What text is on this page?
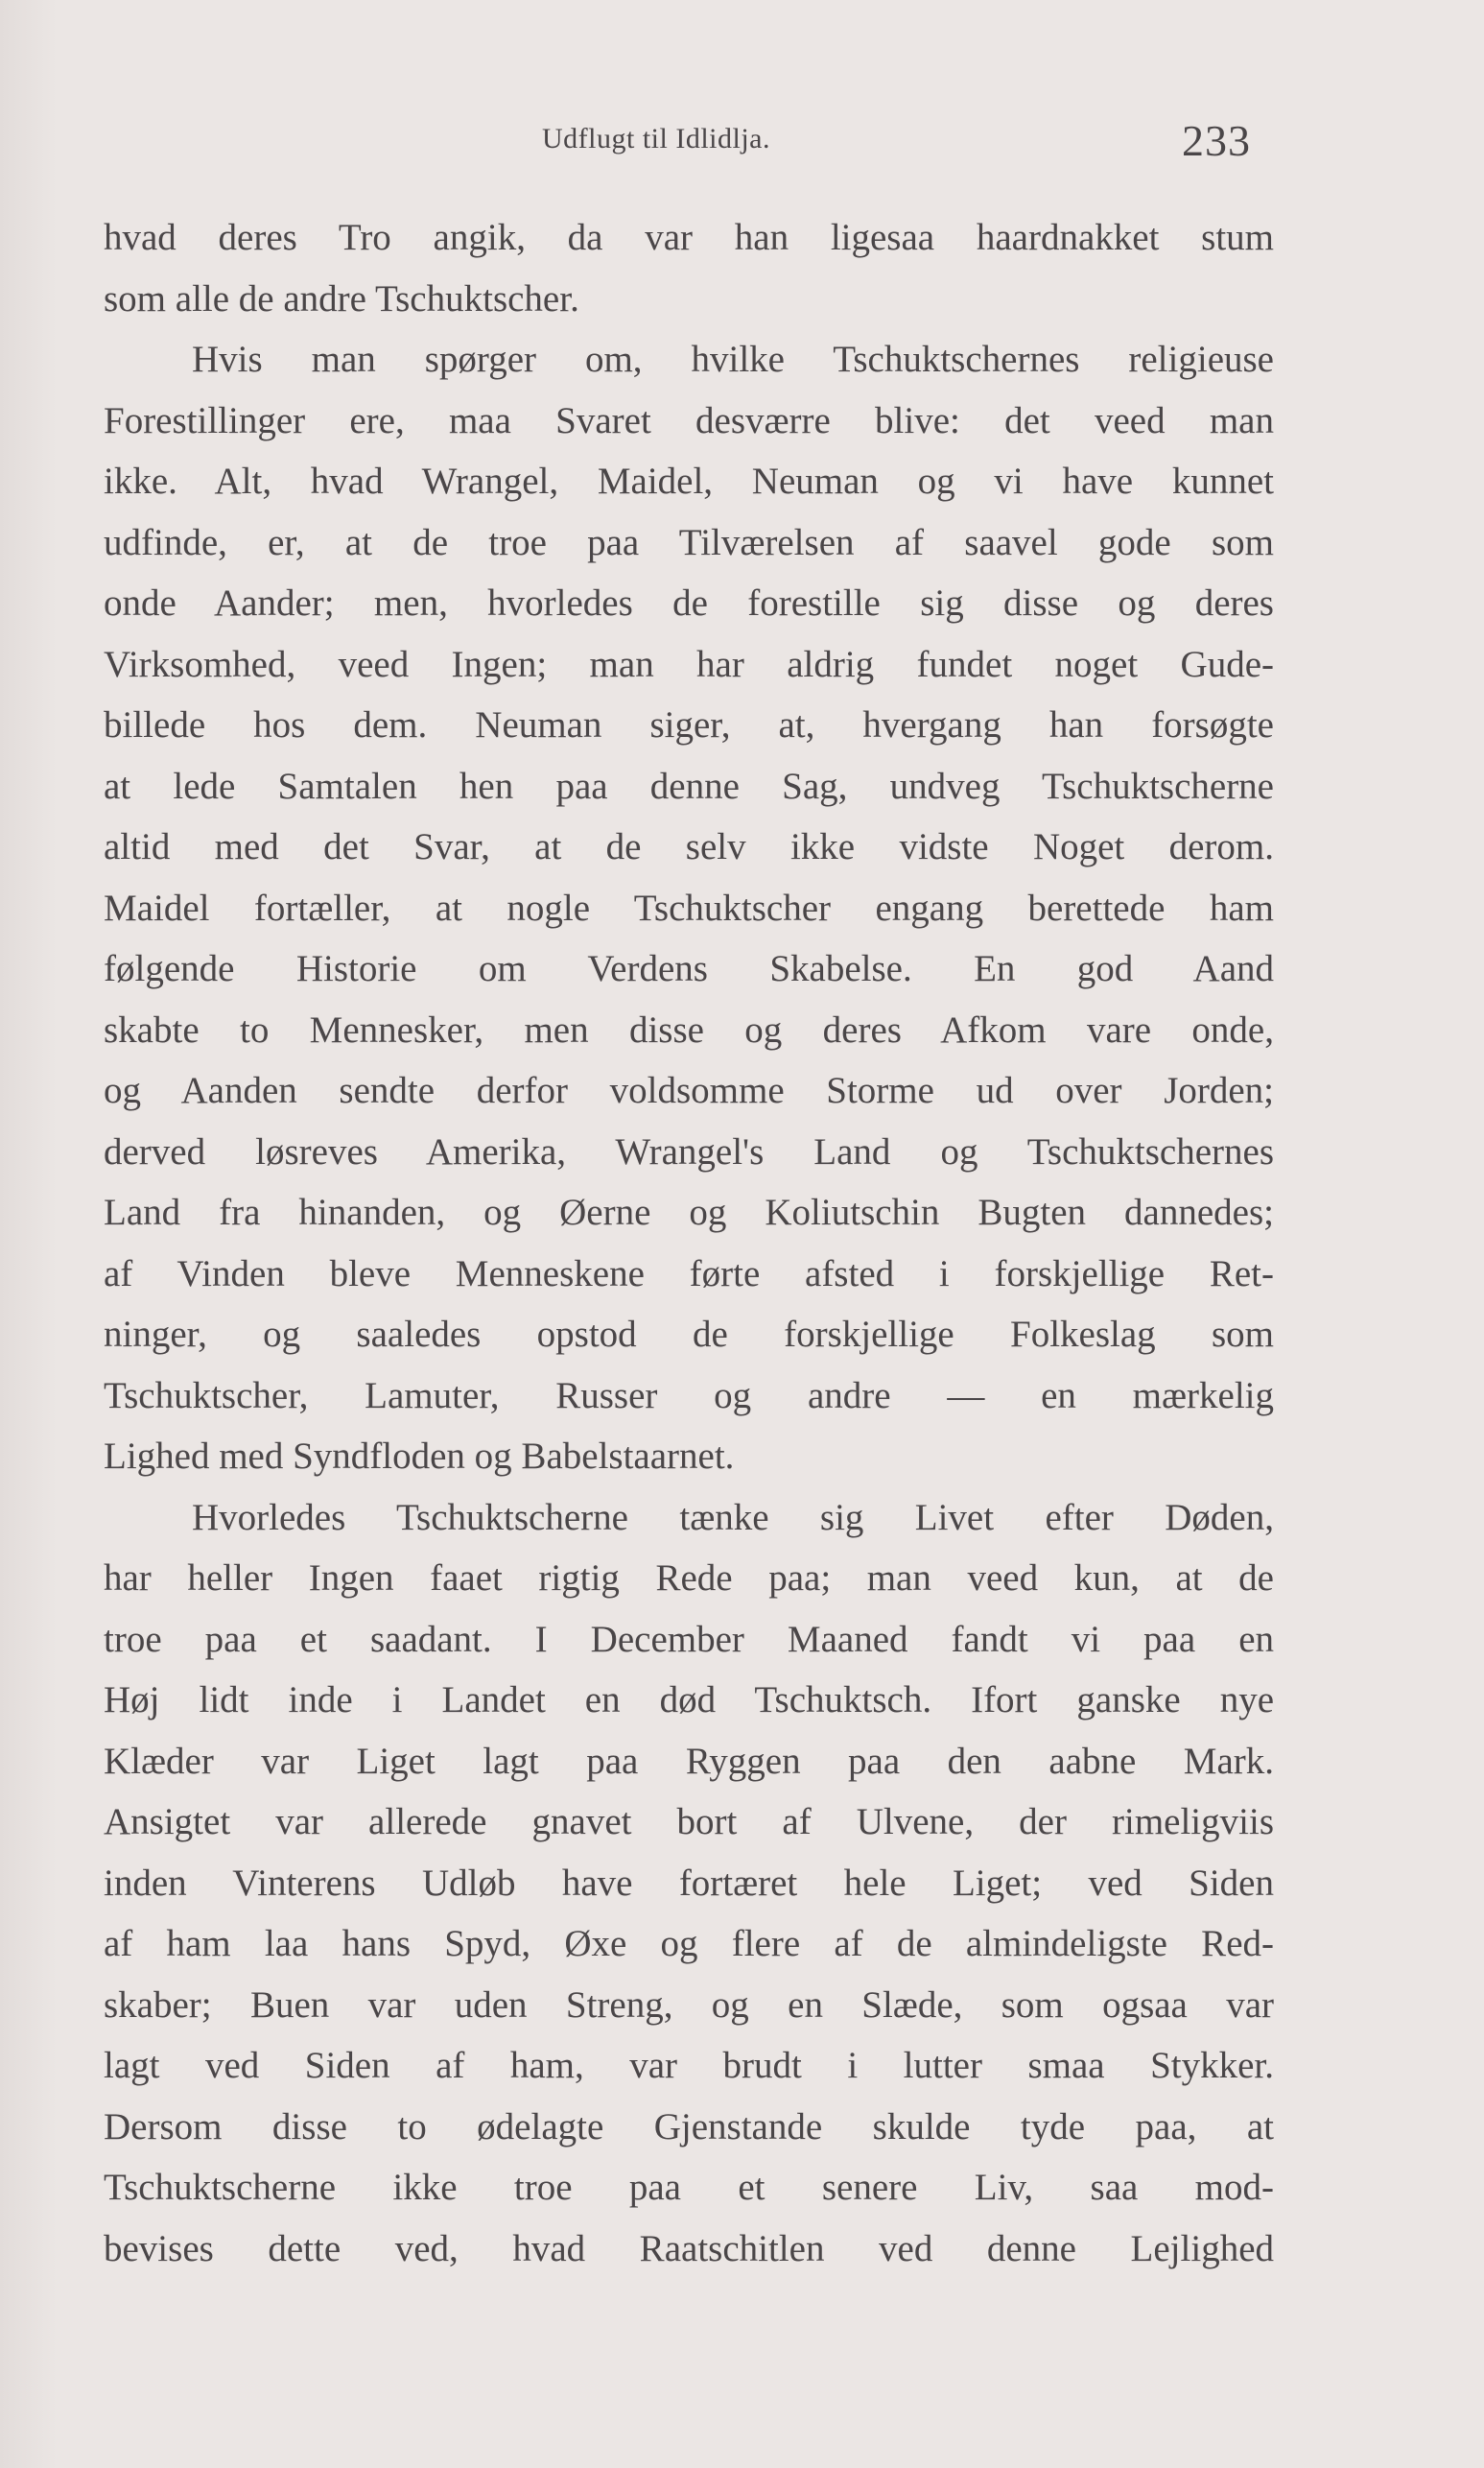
Udflugt til Idlidlja.	233
hvad deres Tro angik, da var han ligesaa haardnakket stum
som alle de andre Tschuktscher.
Hvis man spørger om, hvilke Tschuktschernes religieuse
Forestillinger ere, maa Svaret desværre blive: det veed man
ikke. Alt, hvad Wrangel, Maidel, Neuman og vi have kunnet
udfinde, er, at de troe paa Tilværelsen af saavel gode som
onde Aander; men, hvorledes de forestille sig disse og deres
Virksomhed, veed Ingen; man har aldrig fundet noget Gude-
billede hos dem. Neuman siger, at, hvergang han forsøgte
at lede Samtalen hen paa denne Sag, undveg Tschuktscherne
altid med det Svar, at de selv ikke vidste Noget derom.
Maidel fortæller, at nogle Tschuktscher engang berettede ham
følgende Historie om Verdens Skabelse. En god Aand
skabte to Mennesker, men disse og deres Afkom vare onde,
og Aanden sendte derfor voldsomme Storme ud over Jorden;
derved løsreves Amerika, Wrangel's Land og Tschuktschernes
Land fra hinanden, og Øerne og Koliutschin Bugten dannedes;
af Vinden bleve Menneskene førte afsted i forskjellige Ret-
ninger, og saaledes opstod de forskjellige Folkeslag som
Tschuktscher, Lamuter, Russer og andre — en mærkelig
Lighed med Syndfloden og Babelstaarnet.
Hvorledes Tschuktscherne tænke sig Livet efter Døden,
har heller Ingen faaet rigtig Rede paa; man veed kun, at de
troe paa et saadant. I December Maaned fandt vi paa en
Høj lidt inde i Landet en død Tschuktsch. Ifort ganske nye
Klæder var Liget lagt paa Ryggen paa den aabne Mark.
Ansigtet var allerede gnavet bort af Ulvene, der rimeligviis
inden Vinterens Udløb have fortæret hele Liget; ved Siden
af ham laa hans Spyd, Øxe og flere af de almindeligste Red-
skaber; Buen var uden Streng, og en Slæde, som ogsaa var
lagt ved Siden af ham, var brudt i lutter smaa Stykker.
Dersom disse to ødelagte Gjenstande skulde tyde paa, at
Tschuktscherne ikke troe paa et senere Liv, saa mod-
bevises dette ved, hvad Raatschitlen ved denne Lejlighed
